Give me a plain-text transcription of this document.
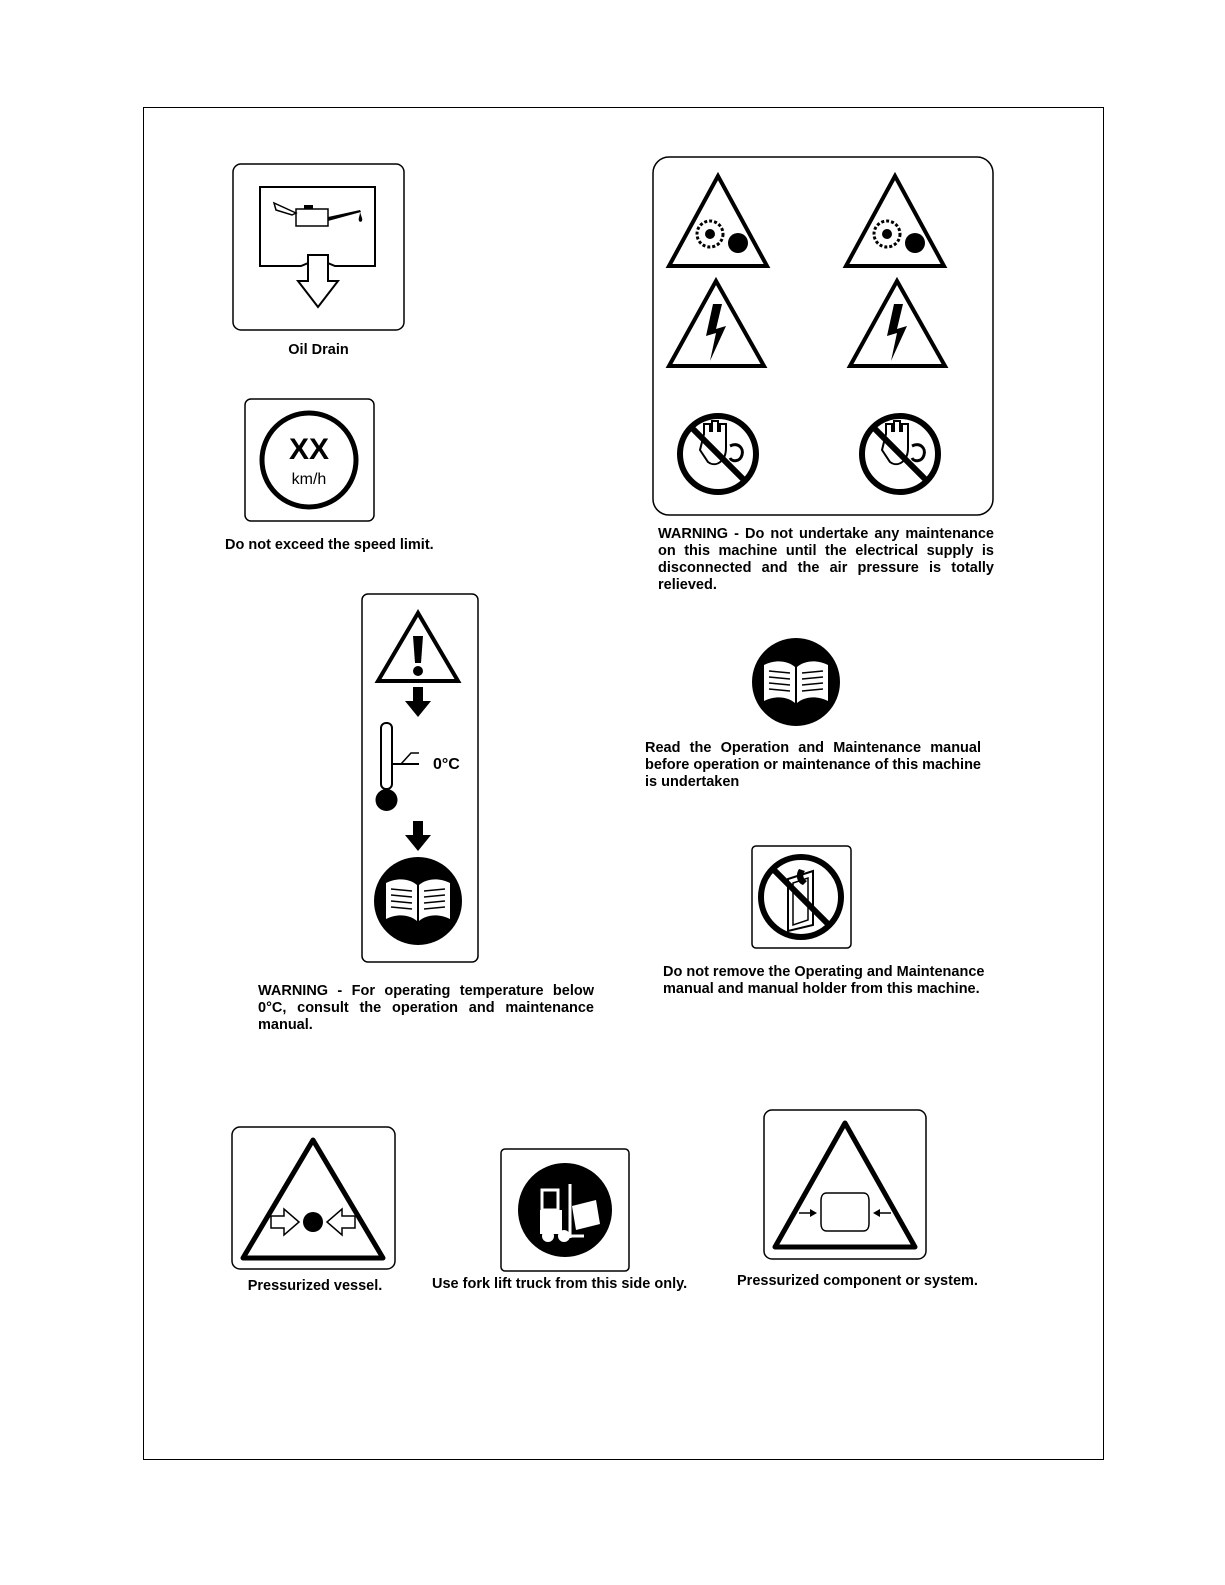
Oil Drain

XX
km/h

Do not exceed the speed limit.

WARNING - Do not undertake any maintenance on this machine until the electrical supply is disconnected and the air pressure is totally relieved.

0°C

WARNING - For operating temperature below 0°C, consult the operation and maintenance manual.

Read the Operation and Maintenance manual before operation or maintenance of this machine is undertaken

Do not remove the Operating and Maintenance manual and manual holder from this machine.

Pressurized vessel.	Use fork lift truck from this side only.	Pressurized component or system.
